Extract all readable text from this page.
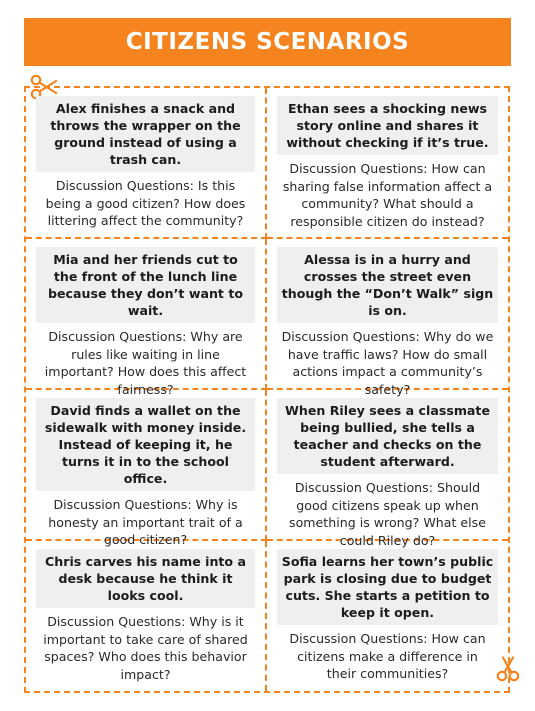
CITIZENS SCENARIOS
Alex finishes a snack and throws the wrapper on the ground instead of using a trash can.
Discussion Questions: Is this being a good citizen? How does littering affect the community?
Ethan sees a shocking news story online and shares it without checking if it’s true.
Discussion Questions: How can sharing false information affect a community? What should a responsible citizen do instead?
Mia and her friends cut to the front of the lunch line because they don’t want to wait.
Discussion Questions: Why are rules like waiting in line important? How does this affect fairness?
Alessa is in a hurry and crosses the street even though the “Don’t Walk” sign is on.
Discussion Questions: Why do we have traffic laws? How do small actions impact a community’s safety?
David finds a wallet on the sidewalk with money inside. Instead of keeping it, he turns it in to the school office.
Discussion Questions: Why is honesty an important trait of a good citizen?
When Riley sees a classmate being bullied, she tells a teacher and checks on the student afterward.
Discussion Questions: Should good citizens speak up when something is wrong? What else could Riley do?
Chris carves his name into a desk because he think it looks cool.
Discussion Questions: Why is it important to take care of shared spaces? Who does this behavior impact?
Sofia learns her town’s public park is closing due to budget cuts. She starts a petition to keep it open.
Discussion Questions: How can citizens make a difference in their communities?
